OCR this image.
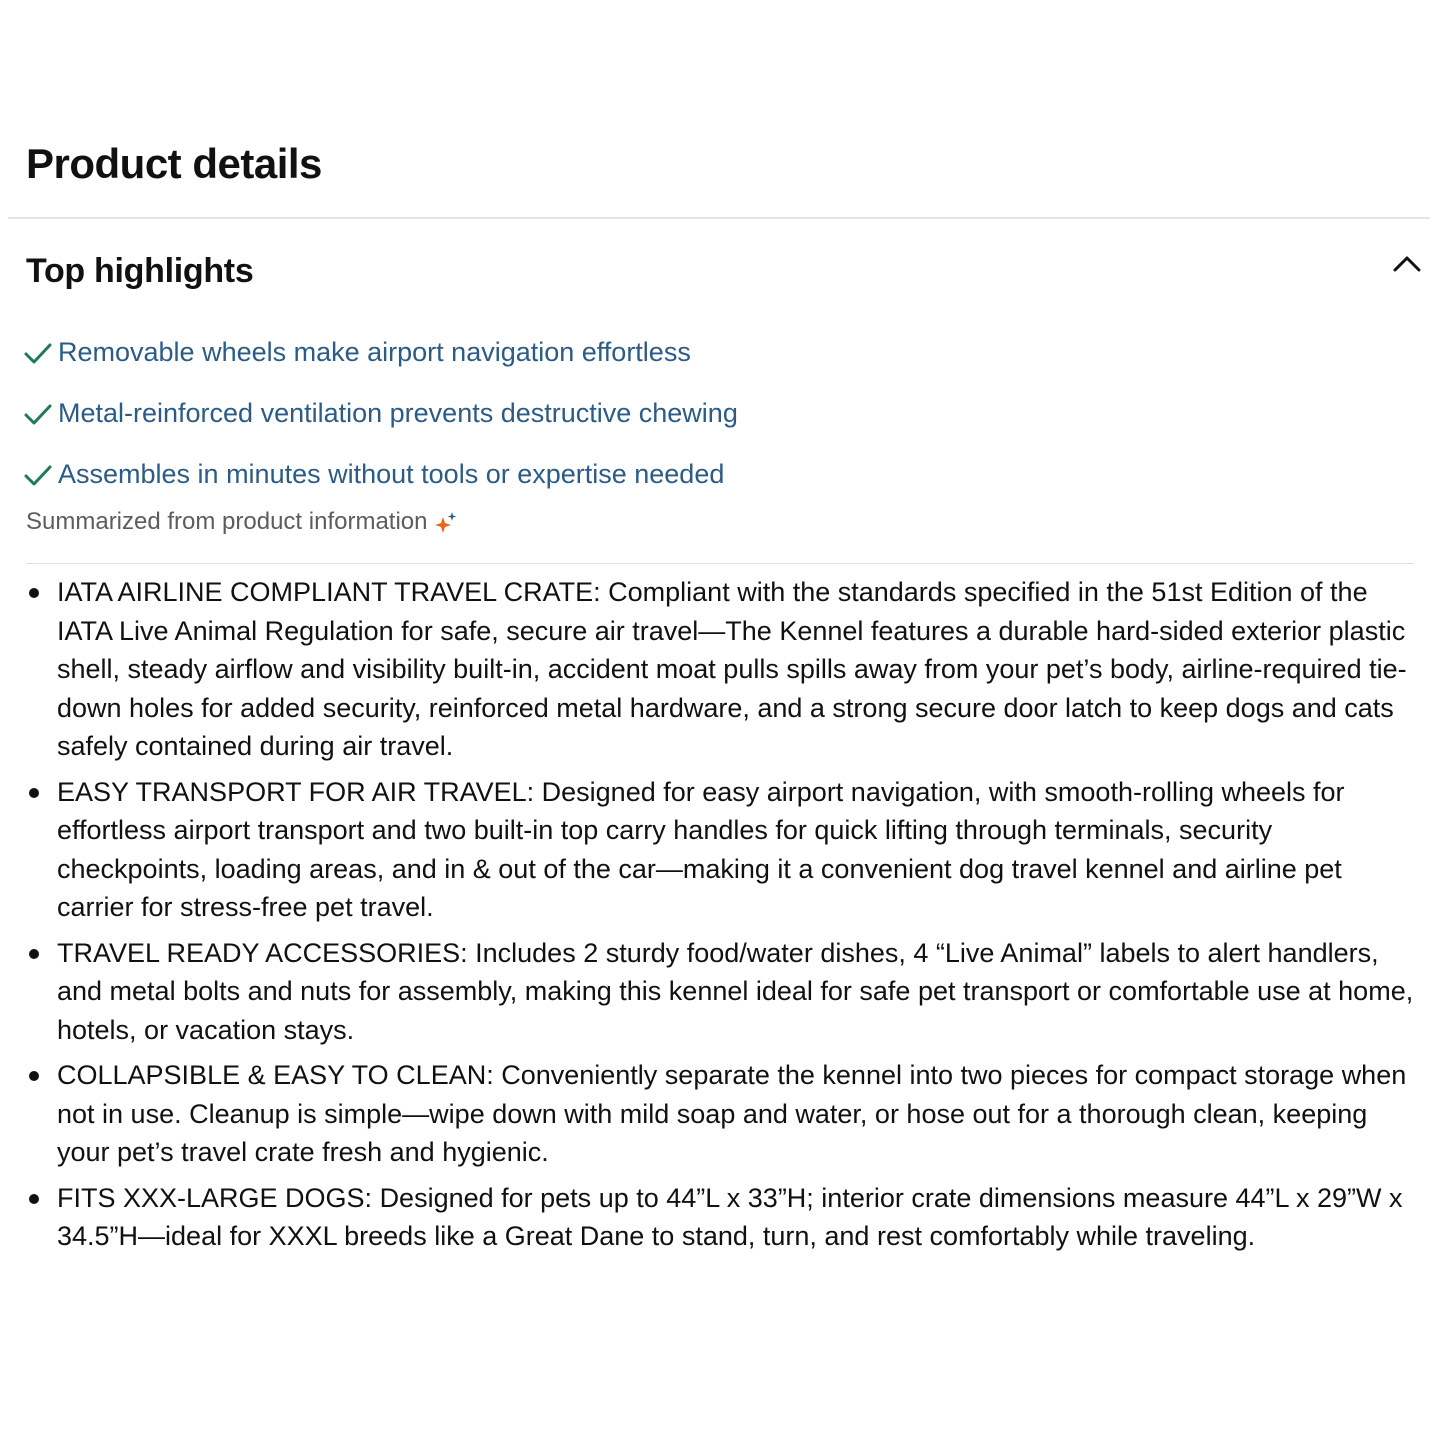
Product details
Top highlights
Removable wheels make airport navigation effortless
Metal-reinforced ventilation prevents destructive chewing
Assembles in minutes without tools or expertise needed
Summarized from product information
IATA AIRLINE COMPLIANT TRAVEL CRATE: Compliant with the standards specified in the 51st Edition of the IATA Live Animal Regulation for safe, secure air travel—The Kennel features a durable hard-sided exterior plastic shell, steady airflow and visibility built-in, accident moat pulls spills away from your pet’s body, airline-required tie-down holes for added security, reinforced metal hardware, and a strong secure door latch to keep dogs and cats safely contained during air travel.
EASY TRANSPORT FOR AIR TRAVEL: Designed for easy airport navigation, with smooth-rolling wheels for effortless airport transport and two built-in top carry handles for quick lifting through terminals, security checkpoints, loading areas, and in & out of the car—making it a convenient dog travel kennel and airline pet carrier for stress-free pet travel.
TRAVEL READY ACCESSORIES: Includes 2 sturdy food/water dishes, 4 “Live Animal” labels to alert handlers, and metal bolts and nuts for assembly, making this kennel ideal for safe pet transport or comfortable use at home, hotels, or vacation stays.
COLLAPSIBLE & EASY TO CLEAN: Conveniently separate the kennel into two pieces for compact storage when not in use. Cleanup is simple—wipe down with mild soap and water, or hose out for a thorough clean, keeping your pet’s travel crate fresh and hygienic.
FITS XXX-LARGE DOGS: Designed for pets up to 44”L x 33”H; interior crate dimensions measure 44”L x 29”W x 34.5”H—ideal for XXXL breeds like a Great Dane to stand, turn, and rest comfortably while traveling.
